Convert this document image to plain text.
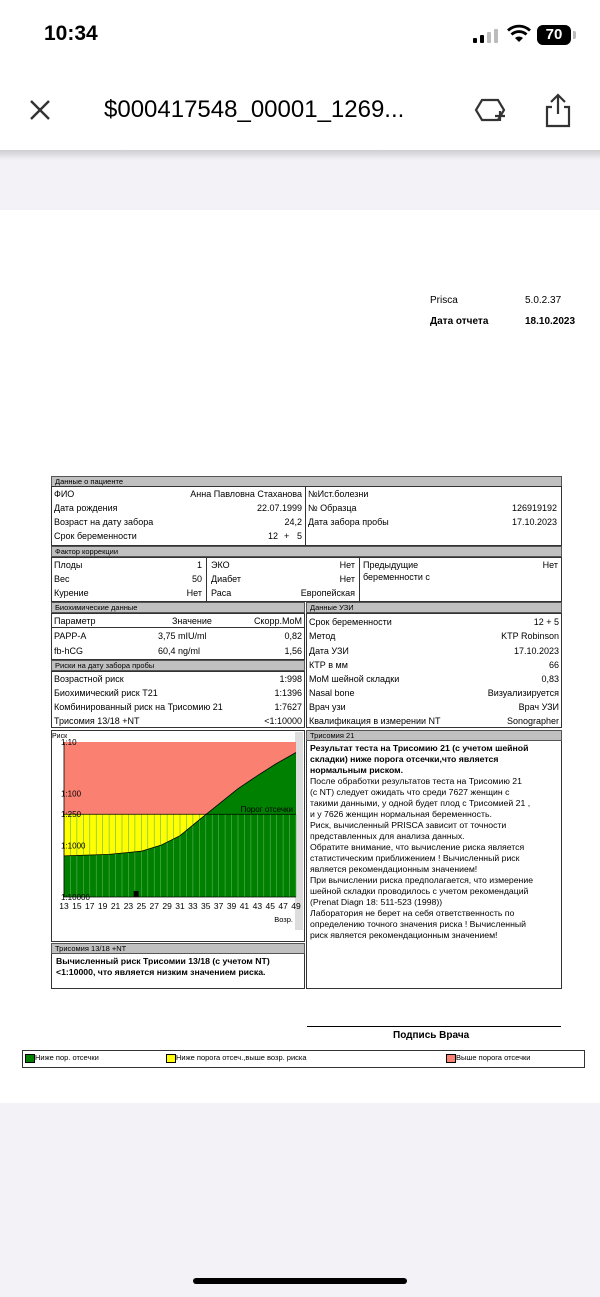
10:34	70
$000417548_00001_1269...
Prisca	5.0.2.37
Дата отчета	18.10.2023
Данные о пациенте
ФИО	Анна Павловна Стаханова
Дата рождения	22.07.1999
Возраст на дату забора	24,2
Срок беременности	12 + 5
№Ист.болезни
№ Образца	126919192
Дата забора пробы	17.10.2023
Фактор коррекции
Плоды	1
Вес	50
Курение	Нет
ЭКО	Нет
Диабет	Нет
Раса	Европейская
Предыдущие
беременности с
Нет
Биохимические данные
Параметр	Значение	Скорр.MoM
PAPP-A	3,75 mIU/ml	0,82
fb-hCG	60,4 ng/ml	1,56
Данные УЗИ
Срок беременности	12 + 5
Метод	KTP Robinson
Дата УЗИ	17.10.2023
КТР в мм	66
MoM шейной складки	0,83
Nasal bone	Визуализируется
Врач узи	Врач УЗИ
Квалификация в измерении NT	Sonographer
Риски на дату забора пробы
Возрастной риск	1:998
Биохимический риск T21	1:1396
Комбинированный риск на Трисомию 21	1:7627
Трисомия 13/18 +NT	<1:10000
Риск
1:10
1:100
1:250
1:1000
1:10000
Порог отсечки
13 15 17 19 21 23 25 27 29 31 33 35 37 39 41 43 45 47 49
Возр.
Трисомия 21
Результат теста на Трисомию 21 (с учетом шейной
складки) ниже порога отсечки,что является
нормальным риском.
После обработки результатов теста на Трисомию 21
(с NT) следует ожидать что среди 7627 женщин с
такими данными, у одной будет плод с Трисомией 21 ,
и у 7626 женщин нормальная беременность.
Риск, вычисленный PRISCA зависит от точности
представленных для анализа данных.
Обратите внимание, что вычисление риска является
статистическим приближением ! Вычисленный риск
является рекомендационным значением!
При вычислении риска предполагается, что измерение
шейной складки проводилось с учетом рекомендаций
(Prenat Diagn 18: 511-523 (1998))
Лаборатория не берет на себя ответственность по
определению точного значения риска ! Вычисленный
риск является рекомендационным значением!
Трисомия 13/18 +NT
Вычисленный риск Трисомии 13/18 (с учетом NT)
<1:10000, что является низким значением риска.
Подпись Врача
Ниже пор. отсечки	Ниже порога отсеч.,выше возр. риска	Выше порога отсечки
